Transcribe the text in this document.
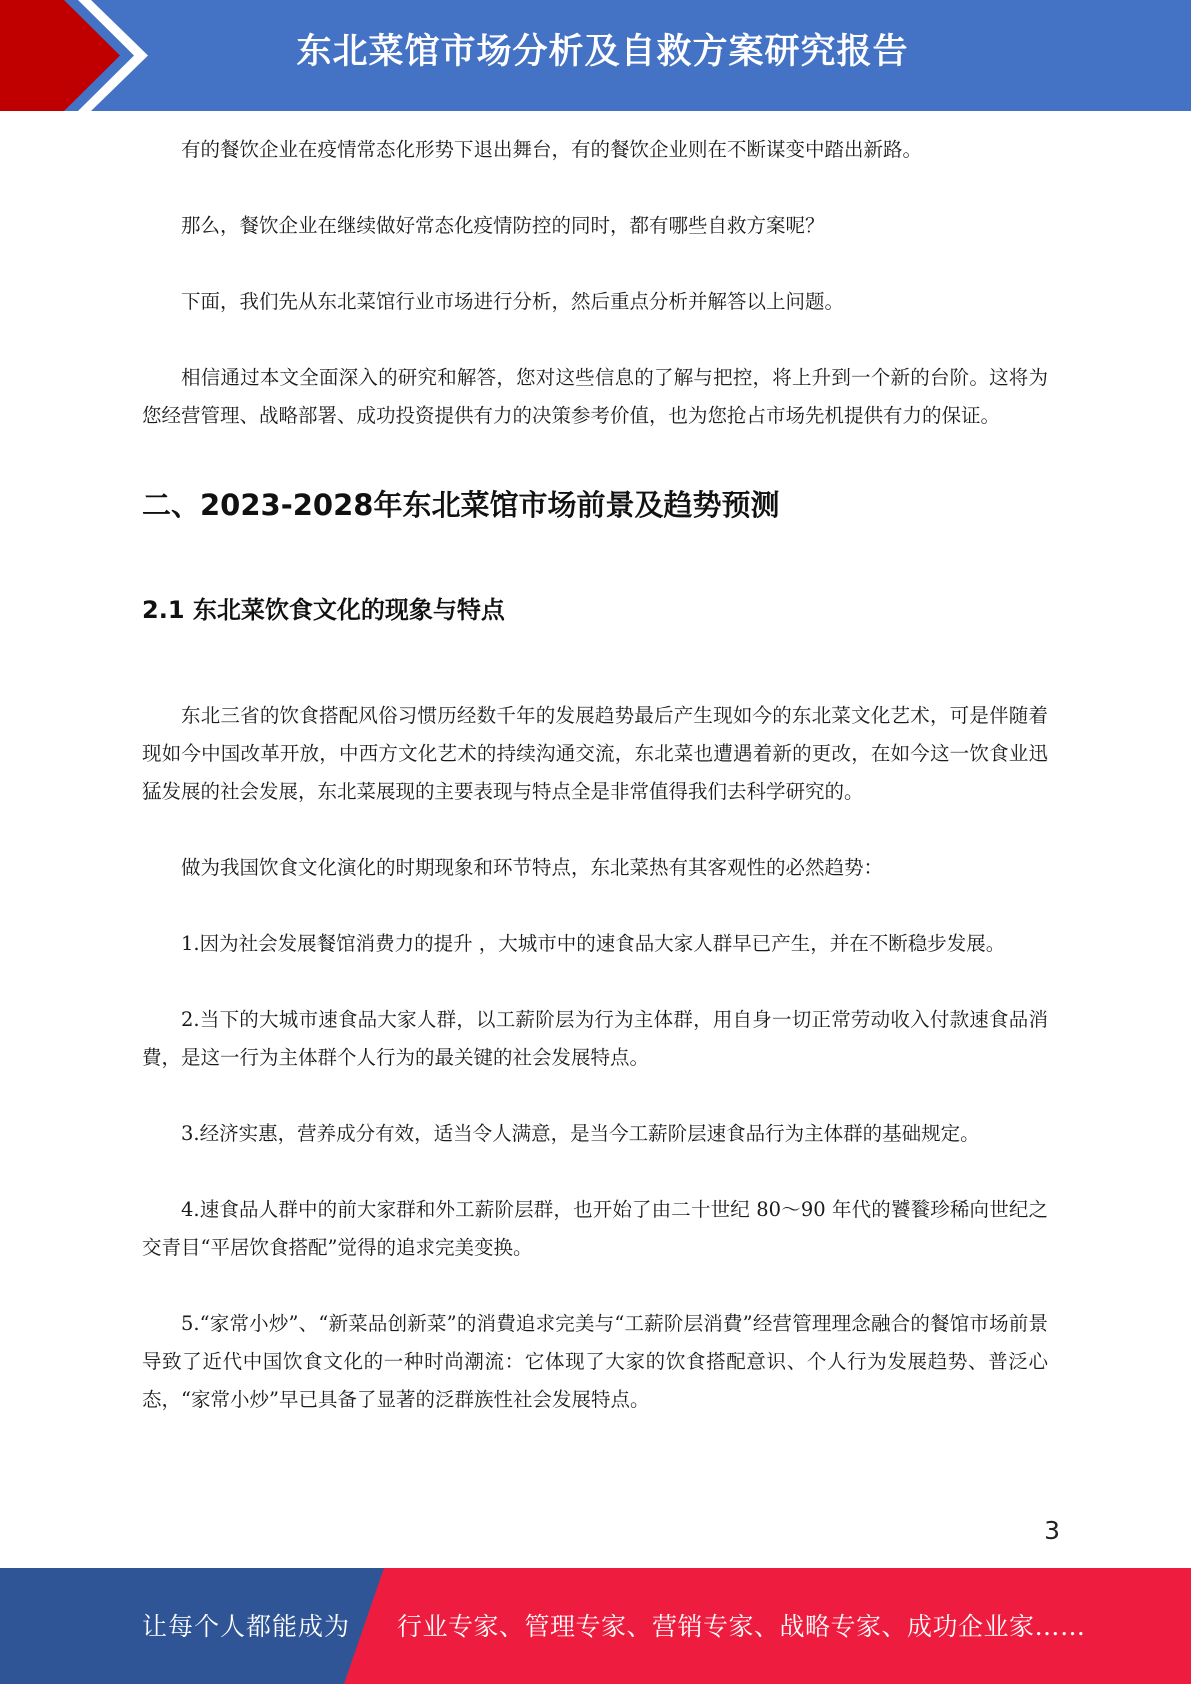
东北菜馆市场分析及自救方案研究报告

有的餐饮企业在疫情常态化形势下退出舞台，有的餐饮企业则在不断谋变中踏出新路。

那么，餐饮企业在继续做好常态化疫情防控的同时，都有哪些自救方案呢？

下面，我们先从东北菜馆行业市场进行分析，然后重点分析并解答以上问题。

相信通过本文全面深入的研究和解答，您对这些信息的了解与把控，将上升到一个新的台阶。这将为您经营管理、战略部署、成功投资提供有力的决策参考价值，也为您抢占市场先机提供有力的保证。

二、2023-2028年东北菜馆市场前景及趋势预测
2.1 东北菜饮食文化的现象与特点

东北三省的饮食搭配风俗习惯历经数千年的发展趋势最后产生现如今的东北菜文化艺术，可是伴随着现如今中国改革开放，中西方文化艺术的持续沟通交流，东北菜也遭遇着新的更改，在如今这一饮食业迅猛发展的社会发展，东北菜展现的主要表现与特点全是非常值得我们去科学研究的。

做为我国饮食文化演化的时期现象和环节特点，东北菜热有其客观性的必然趋势：

1.因为社会发展餐馆消费力的提升 ，大城市中的速食品大家人群早已产生，并在不断稳步发展。

2.当下的大城市速食品大家人群，以工薪阶层为行为主体群，用自身一切正常劳动收入付款速食品消費，是这一行为主体群个人行为的最关键的社会发展特点。

3.经济实惠，营养成分有效，适当令人满意，是当今工薪阶层速食品行为主体群的基础规定。

4.速食品人群中的前大家群和外工薪阶层群，也开始了由二十世纪 80～90 年代的饕餮珍稀向世纪之交青目“平居饮食搭配”觉得的追求完美变换。

5.“家常小炒”、“新菜品创新菜”的消費追求完美与“工薪阶层消費”经营管理理念融合的餐馆市场前景导致了近代中国饮食文化的一种时尚潮流：它体现了大家的饮食搭配意识、个人行为发展趋势、普泛心态，“家常小炒”早已具备了显著的泛群族性社会发展特点。

3
让每个人都能成为 行业专家、管理专家、营销专家、战略专家、成功企业家……
